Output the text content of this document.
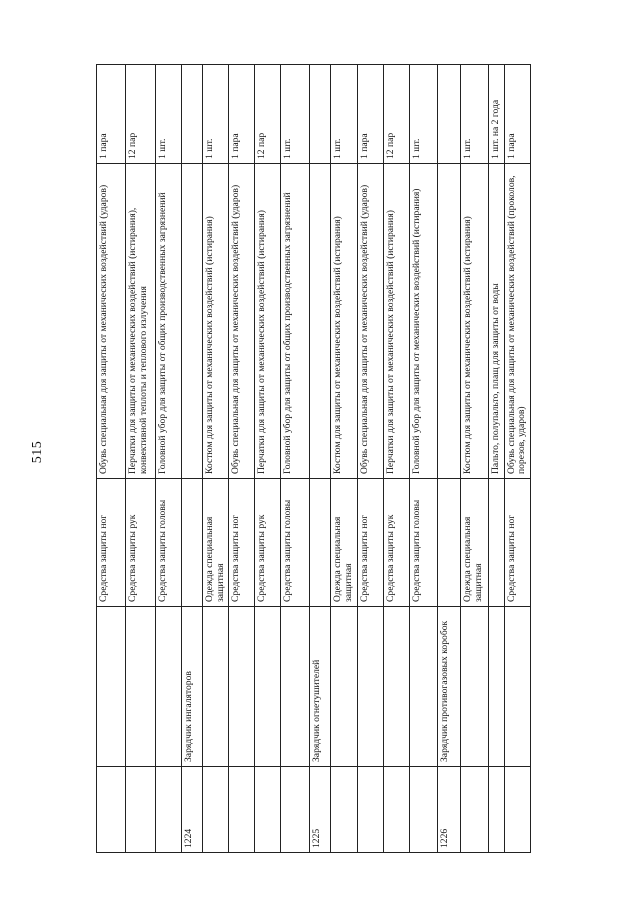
515
		Средства защиты ног	Обувь специальная для защиты от механических воздействий (ударов)	1 пара
		Средства защиты рук	Перчатки для защиты от механических воздействий (истирания), конвективной теплоты и теплового излучения	12 пар
		Средства защиты головы	Головной убор для защиты от общих производственных загрязнений	1 шт.
1224	Зарядчик ингаляторов			
		Одежда специальная защитная	Костюм для защиты от механических воздействий (истирания)	1 шт.
		Средства защиты ног	Обувь специальная для защиты от механических воздействий (ударов)	1 пара
		Средства защиты рук	Перчатки для защиты от механических воздействий (истирания)	12 пар
		Средства защиты головы	Головной убор для защиты от общих производственных загрязнений	1 шт.
1225	Зарядчик огнетушителей			
		Одежда специальная защитная	Костюм для защиты от механических воздействий (истирания)	1 шт.
		Средства защиты ног	Обувь специальная для защиты от механических воздействий (ударов)	1 пара
		Средства защиты рук	Перчатки для защиты от механических воздействий (истирания)	12 пар
		Средства защиты головы	Головной убор для защиты от механических воздействий (истирания)	1 шт.
1226	Зарядчик противогазовых коробок			
		Одежда специальная защитная	Костюм для защиты от механических воздействий (истирания)	1 шт.
			Пальто, полупальто, плащ для защиты от воды	1 шт. на 2 года
		Средства защиты ног	Обувь специальная для защиты от механических воздействий (проколов, порезов, ударов)	1 пара
